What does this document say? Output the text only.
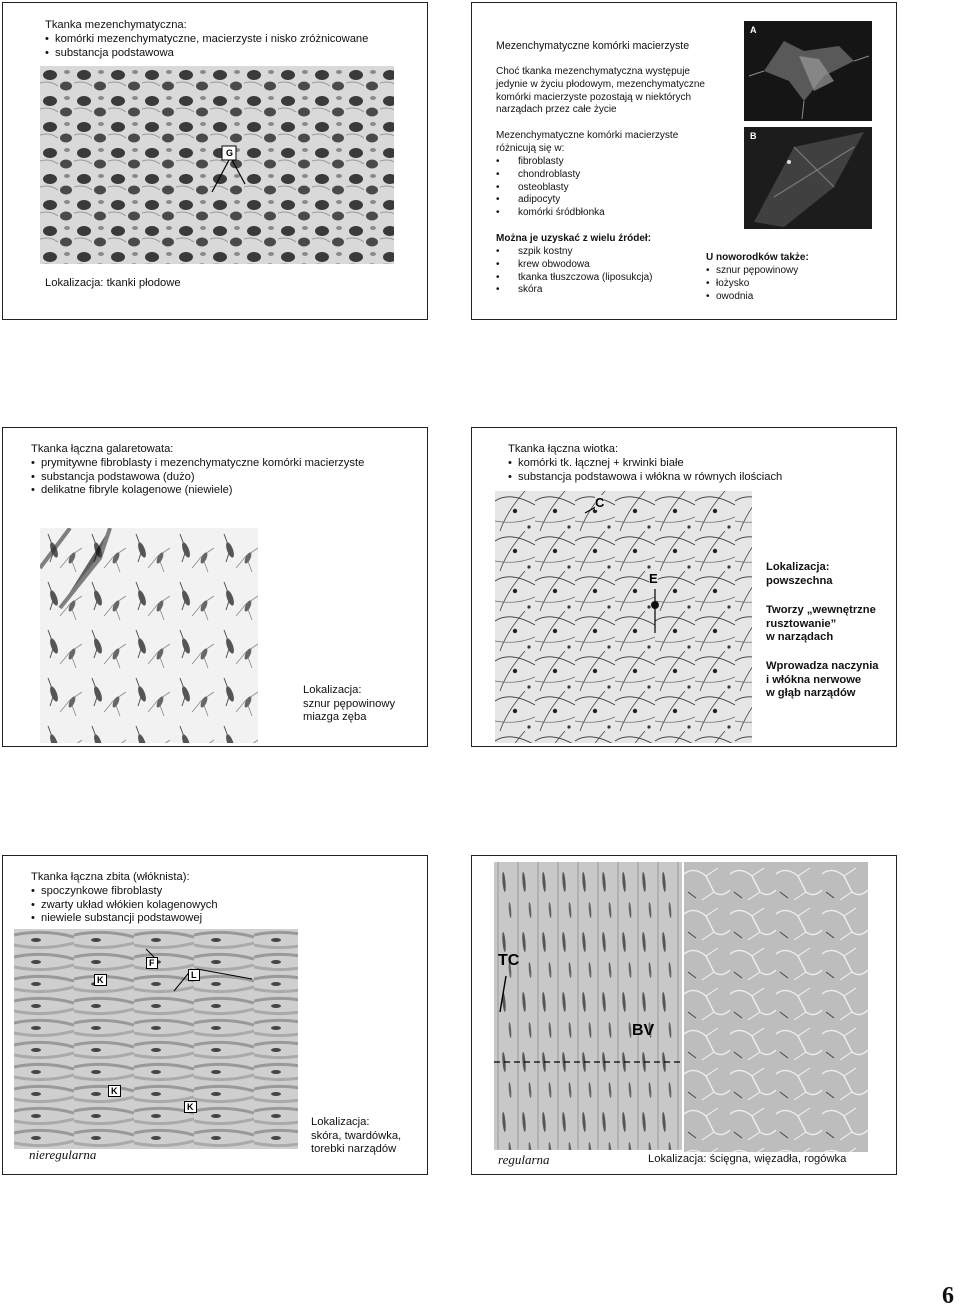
Tkanka mezenchymatyczna:
• komórki mezenchymatyczne, macierzyste i nisko zróżnicowane
• substancja podstawowa
G
Lokalizacja: tkanki płodowe
Mezenchymatyczne komórki macierzyste
Choć tkanka mezenchymatyczna występuje
jedynie w życiu płodowym, mezenchymatyczne
komórki macierzyste pozostają w niektórych
narządach przez całe życie
Mezenchymatyczne komórki macierzyste
różnicują się w:
• fibroblasty
• chondroblasty
• osteoblasty
• adipocyty
• komórki śródbłonka
A
B
Można je uzyskać z wielu źródeł:
• szpik kostny
• krew obwodowa
• tkanka tłuszczowa (liposukcja)
• skóra
U noworodków także:
• sznur pępowinowy
• łożysko
• owodnia
Tkanka łączna galaretowata:
• prymitywne fibroblasty i mezenchymatyczne komórki macierzyste
• substancja podstawowa (dużo)
• delikatne fibryle kolagenowe (niewiele)
Lokalizacja:
sznur pępowinowy
miazga zęba
Tkanka łączna wiotka:
• komórki tk. łącznej + krwinki białe
• substancja podstawowa i włókna w równych ilościach
C
E
Lokalizacja:
powszechna
Tworzy „wewnętrzne
rusztowanie”
w narządach
Wprowadza naczynia
i włókna nerwowe
w głąb narządów
Tkanka łączna zbita (włóknista):
• spoczynkowe fibroblasty
• zwarty układ włókien kolagenowych
• niewiele substancji podstawowej
F
K	L
K
K
Lokalizacja:
skóra, twardówka,
torebki narządów
nieregularna
TC
BV
regularna	Lokalizacja: ścięgna, więzadła, rogówka
6
